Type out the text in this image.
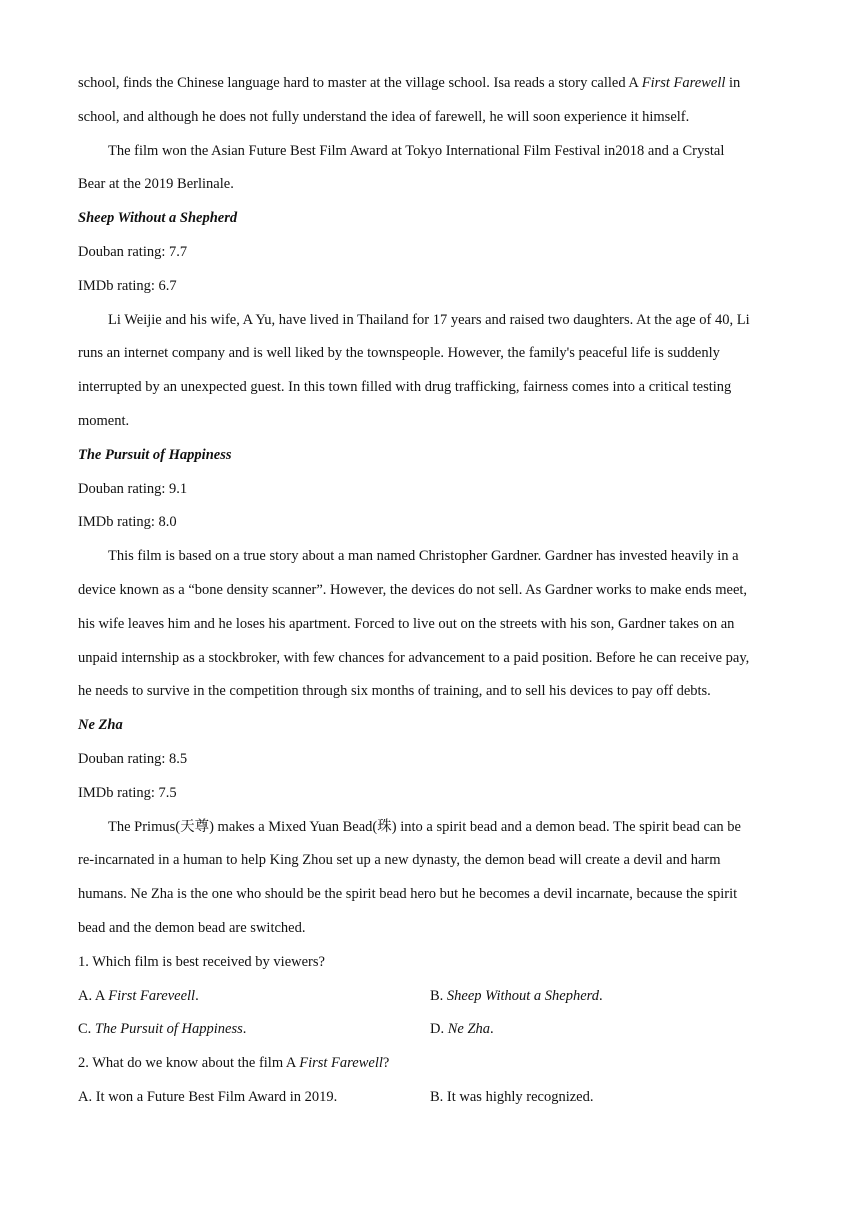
school, finds the Chinese language hard to master at the village school. Isa reads a story called A First Farewell in
school, and although he does not fully understand the idea of farewell, he will soon experience it himself.
The film won the Asian Future Best Film Award at Tokyo International Film Festival in2018 and a Crystal
Bear at the 2019 Berlinale.
Sheep Without a Shepherd
Douban rating: 7.7
IMDb rating: 6.7
Li Weijie and his wife, A Yu, have lived in Thailand for 17 years and raised two daughters. At the age of 40, Li
runs an internet company and is well liked by the townspeople. However, the family's peaceful life is suddenly
interrupted by an unexpected guest. In this town filled with drug trafficking, fairness comes into a critical testing
moment.
The Pursuit of Happiness
Douban rating: 9.1
IMDb rating: 8.0
This film is based on a true story about a man named Christopher Gardner. Gardner has invested heavily in a
device known as a “bone density scanner”. However, the devices do not sell. As Gardner works to make ends meet,
his wife leaves him and he loses his apartment. Forced to live out on the streets with his son, Gardner takes on an
unpaid internship as a stockbroker, with few chances for advancement to a paid position. Before he can receive pay,
he needs to survive in the competition through six months of training, and to sell his devices to pay off debts.
Ne Zha
Douban rating: 8.5
IMDb rating: 7.5
The Primus(天尊) makes a Mixed Yuan Bead(珠) into a spirit bead and a demon bead. The spirit bead can be
re-incarnated in a human to help King Zhou set up a new dynasty, the demon bead will create a devil and harm
humans. Ne Zha is the one who should be the spirit bead hero but he becomes a devil incarnate, because the spirit
bead and the demon bead are switched.
1. Which film is best received by viewers?
A. A First Fareveell.	B. Sheep Without a Shepherd.
C. The Pursuit of Happiness.	D. Ne Zha.
2. What do we know about the film A First Farewell?
A. It won a Future Best Film Award in 2019.	B. It was highly recognized.
